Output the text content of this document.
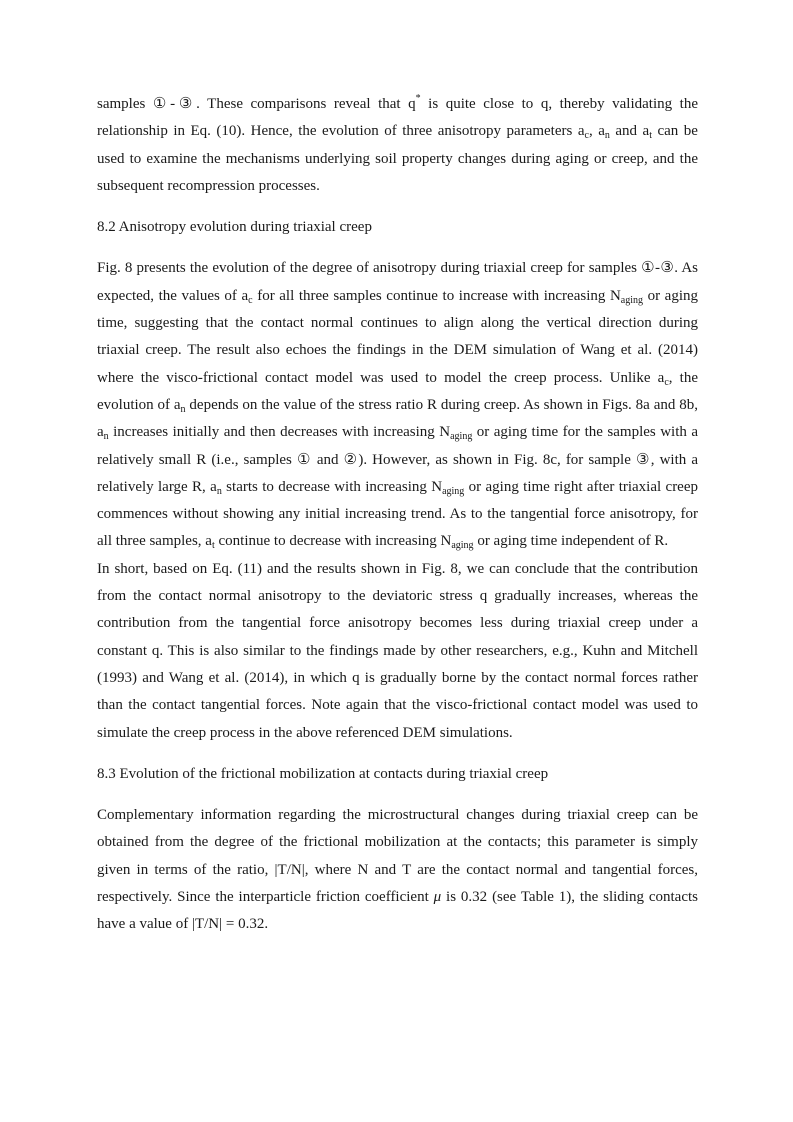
samples ①-③. These comparisons reveal that q* is quite close to q, thereby validating the relationship in Eq. (10). Hence, the evolution of three anisotropy parameters $a_c$, $a_n$ and $a_t$ can be used to examine the mechanisms underlying soil property changes during aging or creep, and the subsequent recompression processes.

8.2 Anisotropy evolution during triaxial creep

Fig. 8 presents the evolution of the degree of anisotropy during triaxial creep for samples ①-③. As expected, the values of $a_c$ for all three samples continue to increase with increasing $N_{aging}$ or aging time, suggesting that the contact normal continues to align along the vertical direction during triaxial creep. The result also echoes the findings in the DEM simulation of Wang et al. (2014) where the visco-frictional contact model was used to model the creep process. Unlike $a_c$, the evolution of $a_n$ depends on the value of the stress ratio R during creep. As shown in Figs. 8a and 8b, $a_n$ increases initially and then decreases with increasing $N_{aging}$ or aging time for the samples with a relatively small R (i.e., samples ① and ②). However, as shown in Fig. 8c, for sample ③, with a relatively large R, $a_n$ starts to decrease with increasing $N_{aging}$ or aging time right after triaxial creep commences without showing any initial increasing trend. As to the tangential force anisotropy, for all three samples, $a_t$ continue to decrease with increasing $N_{aging}$ or aging time independent of R.

In short, based on Eq. (11) and the results shown in Fig. 8, we can conclude that the contribution from the contact normal anisotropy to the deviatoric stress q gradually increases, whereas the contribution from the tangential force anisotropy becomes less during triaxial creep under a constant q. This is also similar to the findings made by other researchers, e.g., Kuhn and Mitchell (1993) and Wang et al. (2014), in which q is gradually borne by the contact normal forces rather than the contact tangential forces. Note again that the visco-frictional contact model was used to simulate the creep process in the above referenced DEM simulations.

8.3 Evolution of the frictional mobilization at contacts during triaxial creep

Complementary information regarding the microstructural changes during triaxial creep can be obtained from the degree of the frictional mobilization at the contacts; this parameter is simply given in terms of the ratio, |T/N|, where N and T are the contact normal and tangential forces, respectively. Since the interparticle friction coefficient μ is 0.32 (see Table 1), the sliding contacts have a value of |T/N| = 0.32.
